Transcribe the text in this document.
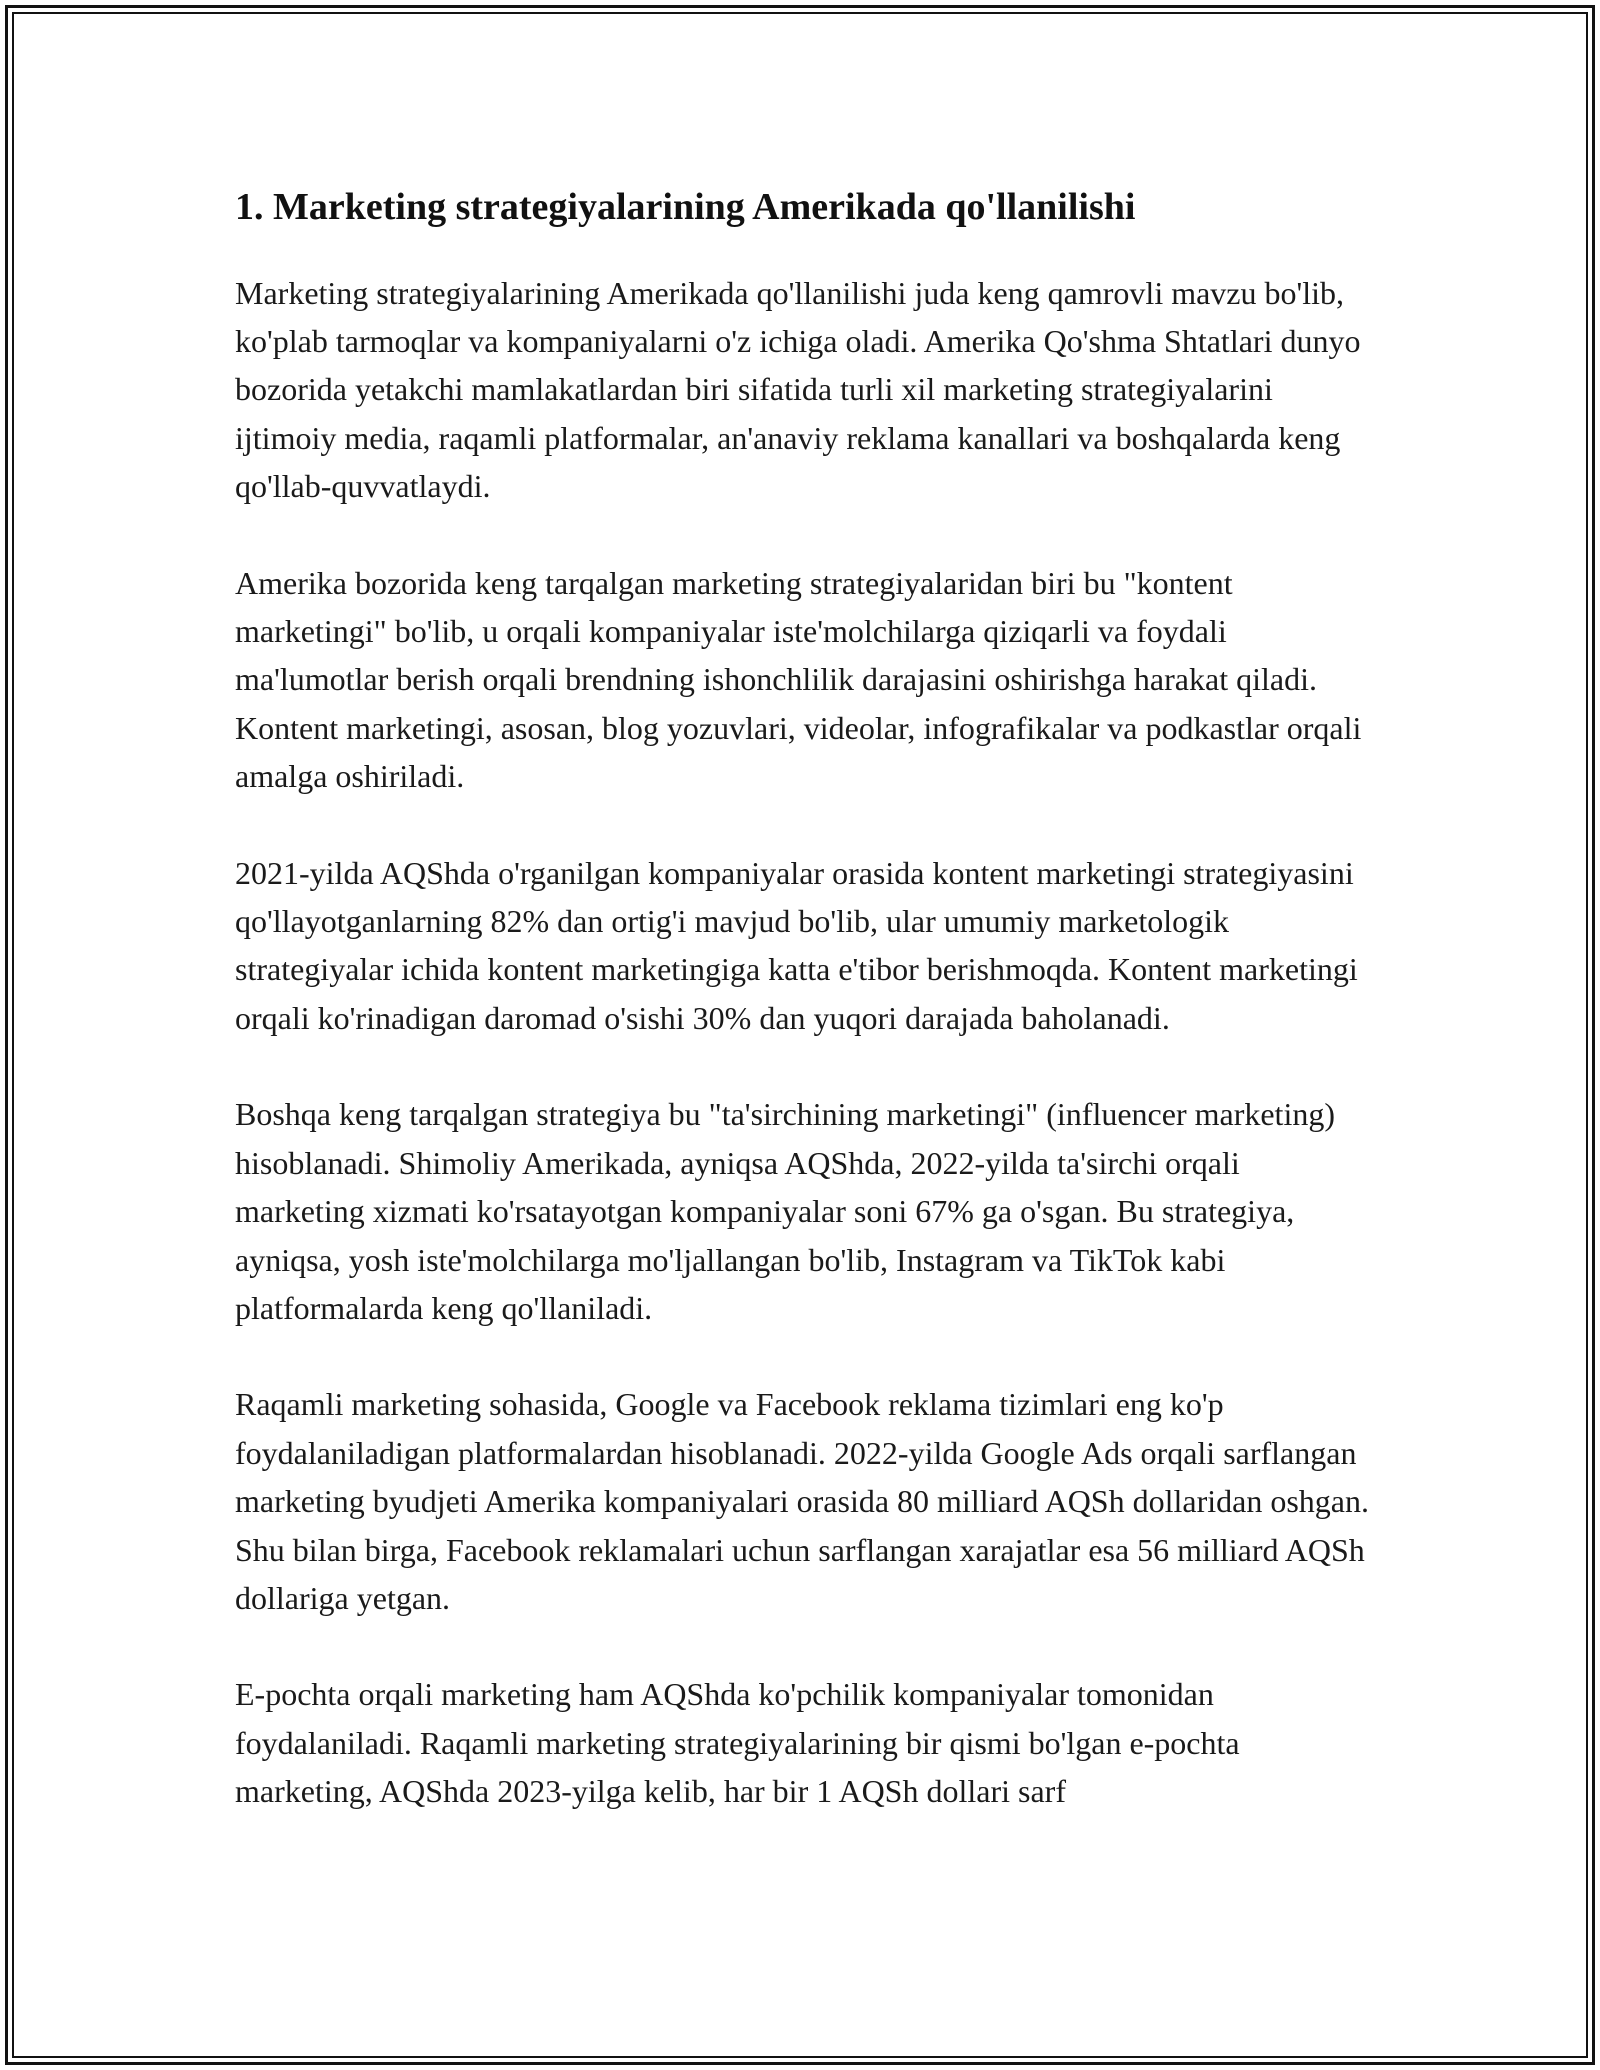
1. Marketing strategiyalarining Amerikada qo'llanilishi

Marketing strategiyalarining Amerikada qo'llanilishi juda keng qamrovli mavzu bo'lib, ko'plab tarmoqlar va kompaniyalarni o'z ichiga oladi. Amerika Qo'shma Shtatlari dunyo bozorida yetakchi mamlakatlardan biri sifatida turli xil marketing strategiyalarini ijtimoiy media, raqamli platformalar, an'anaviy reklama kanallari va boshqalarda keng qo'llab-quvvatlaydi.

Amerika bozorida keng tarqalgan marketing strategiyalaridan biri bu "kontent marketingi" bo'lib, u orqali kompaniyalar iste'molchilarga qiziqarli va foydali ma'lumotlar berish orqali brendning ishonchlilik darajasini oshirishga harakat qiladi. Kontent marketingi, asosan, blog yozuvlari, videolar, infografikalar va podkastlar orqali amalga oshiriladi.

2021-yilda AQShda o'rganilgan kompaniyalar orasida kontent marketingi strategiyasini qo'llayotganlarning 82% dan ortig'i mavjud bo'lib, ular umumiy marketologik strategiyalar ichida kontent marketingiga katta e'tibor berishmoqda. Kontent marketingi orqali ko'rinadigan daromad o'sishi 30% dan yuqori darajada baholanadi.

Boshqa keng tarqalgan strategiya bu "ta'sirchining marketingi" (influencer marketing) hisoblanadi. Shimoliy Amerikada, ayniqsa AQShda, 2022-yilda ta'sirchi orqali marketing xizmati ko'rsatayotgan kompaniyalar soni 67% ga o'sgan. Bu strategiya, ayniqsa, yosh iste'molchilarga mo'ljallangan bo'lib, Instagram va TikTok kabi platformalarda keng qo'llaniladi.

Raqamli marketing sohasida, Google va Facebook reklama tizimlari eng ko'p foydalaniladigan platformalardan hisoblanadi. 2022-yilda Google Ads orqali sarflangan marketing byudjeti Amerika kompaniyalari orasida 80 milliard AQSh dollaridan oshgan. Shu bilan birga, Facebook reklamalari uchun sarflangan xarajatlar esa 56 milliard AQSh dollariga yetgan.

E-pochta orqali marketing ham AQShda ko'pchilik kompaniyalar tomonidan foydalaniladi. Raqamli marketing strategiyalarining bir qismi bo'lgan e-pochta marketing, AQShda 2023-yilga kelib, har bir 1 AQSh dollari sarf
